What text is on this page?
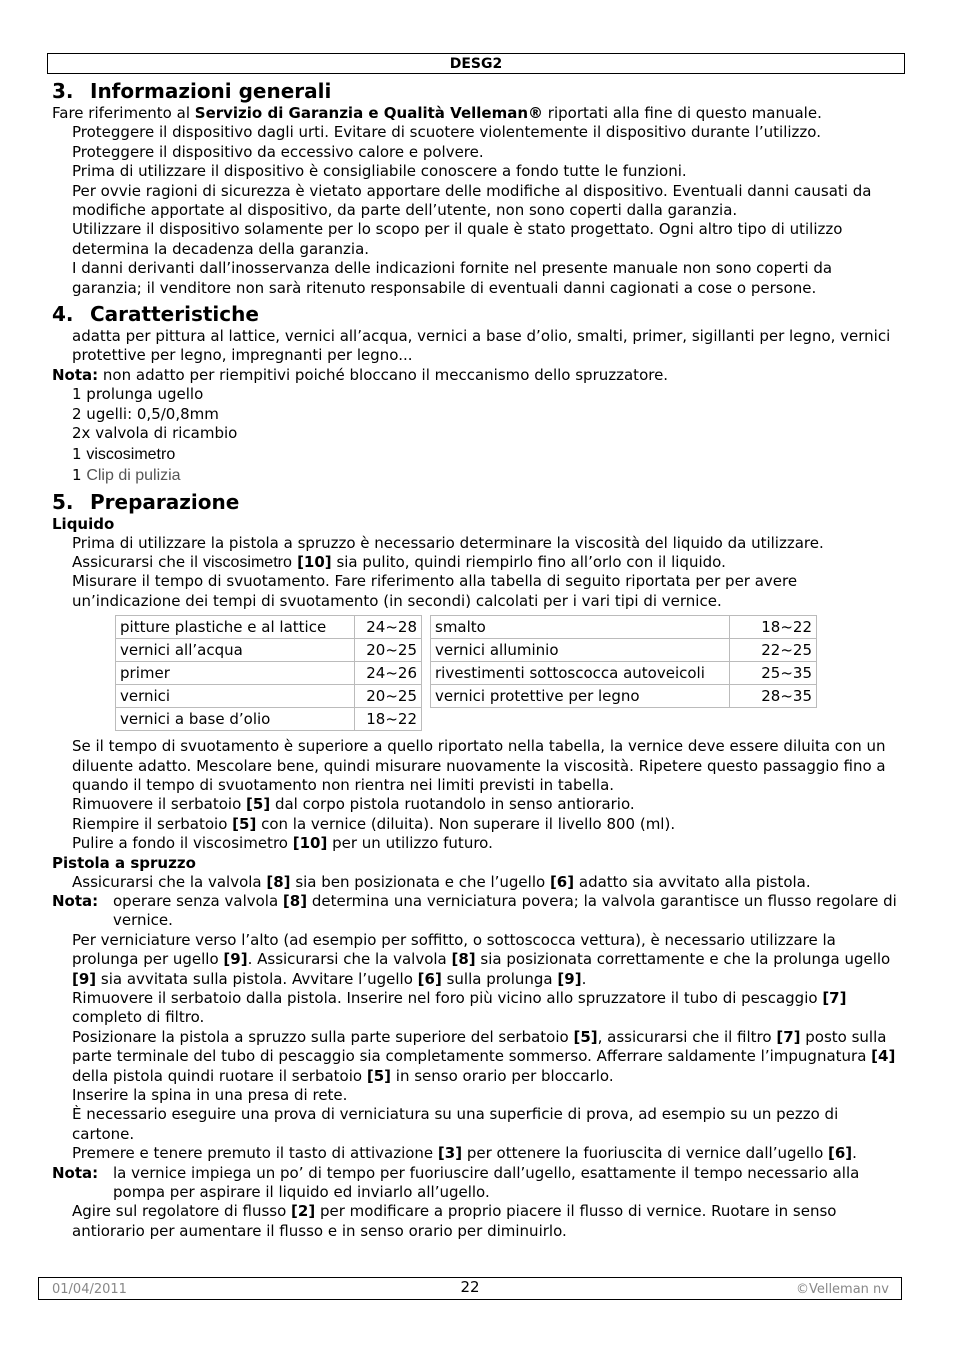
DESG2
3. Informazioni generali

Fare riferimento al Servizio di Garanzia e Qualità Velleman® riportati alla fine di questo manuale.

Proteggere il dispositivo dagli urti. Evitare di scuotere violentemente il dispositivo durante l’utilizzo.

Proteggere il dispositivo da eccessivo calore e polvere.

Prima di utilizzare il dispositivo è consigliabile conoscere a fondo tutte le funzioni.

Per ovvie ragioni di sicurezza è vietato apportare delle modifiche al dispositivo. Eventuali danni causati da modifiche apportate al dispositivo, da parte dell’utente, non sono coperti dalla garanzia.

Utilizzare il dispositivo solamente per lo scopo per il quale è stato progettato. Ogni altro tipo di utilizzo determina la decadenza della garanzia.

I danni derivanti dall’inosservanza delle indicazioni fornite nel presente manuale non sono coperti da garanzia; il venditore non sarà ritenuto responsabile di eventuali danni cagionati a cose o persone.

4. Caratteristiche

adatta per pittura al lattice, vernici all’acqua, vernici a base d’olio, smalti, primer, sigillanti per legno, vernici protettive per legno, impregnanti per legno...

Nota: non adatto per riempitivi poiché bloccano il meccanismo dello spruzzatore.

1 prolunga ugello

2 ugelli: 0,5/0,8mm

2x valvola di ricambio

1 viscosimetro

1 Clip di pulizia

5. Preparazione

Liquido

Prima di utilizzare la pistola a spruzzo è necessario determinare la viscosità del liquido da utilizzare.

Assicurarsi che il viscosimetro [10] sia pulito, quindi riempirlo fino all’orlo con il liquido.

Misurare il tempo di svuotamento. Fare riferimento alla tabella di seguito riportata per per avere un’indicazione dei tempi di svuotamento (in secondi) calcolati per i vari tipi di vernice.

pitture plastiche e al lattice	24~28
vernici all’acqua	20~25
primer	24~26
vernici	20~25
vernici a base d’olio	18~22
smalto	18~22
vernici alluminio	22~25
rivestimenti sottoscocca autoveicoli	25~35
vernici protettive per legno	28~35

Se il tempo di svuotamento è superiore a quello riportato nella tabella, la vernice deve essere diluita con un diluente adatto. Mescolare bene, quindi misurare nuovamente la viscosità. Ripetere questo passaggio fino a quando il tempo di svuotamento non rientra nei limiti previsti in tabella.

Rimuovere il serbatoio [5] dal corpo pistola ruotandolo in senso antiorario.

Riempire il serbatoio [5] con la vernice (diluita). Non superare il livello 800 (ml).

Pulire a fondo il viscosimetro [10] per un utilizzo futuro.

Pistola a spruzzo

Assicurarsi che la valvola [8] sia ben posizionata e che l’ugello [6] adatto sia avvitato alla pistola.

Nota: operare senza valvola [8] determina una verniciatura povera; la valvola garantisce un flusso regolare di vernice.

Per verniciature verso l’alto (ad esempio per soffitto, o sottoscocca vettura), è necessario utilizzare la prolunga per ugello [9]. Assicurarsi che la valvola [8] sia posizionata correttamente e che la prolunga ugello [9] sia avvitata sulla pistola. Avvitare l’ugello [6] sulla prolunga [9].

Rimuovere il serbatoio dalla pistola. Inserire nel foro più vicino allo spruzzatore il tubo di pescaggio [7] completo di filtro.

Posizionare la pistola a spruzzo sulla parte superiore del serbatoio [5], assicurarsi che il filtro [7] posto sulla parte terminale del tubo di pescaggio sia completamente sommerso. Afferrare saldamente l’impugnatura [4] della pistola quindi ruotare il serbatoio [5] in senso orario per bloccarlo.

Inserire la spina in una presa di rete.

È necessario eseguire una prova di verniciatura su una superficie di prova, ad esempio su un pezzo di cartone.

Premere e tenere premuto il tasto di attivazione [3] per ottenere la fuoriuscita di vernice dall’ugello [6].

Nota: la vernice impiega un po’ di tempo per fuoriuscire dall’ugello, esattamente il tempo necessario alla pompa per aspirare il liquido ed inviarlo all’ugello.

Agire sul regolatore di flusso [2] per modificare a proprio piacere il flusso di vernice. Ruotare in senso antiorario per aumentare il flusso e in senso orario per diminuirlo.

01/04/2011	22	©Velleman nv
